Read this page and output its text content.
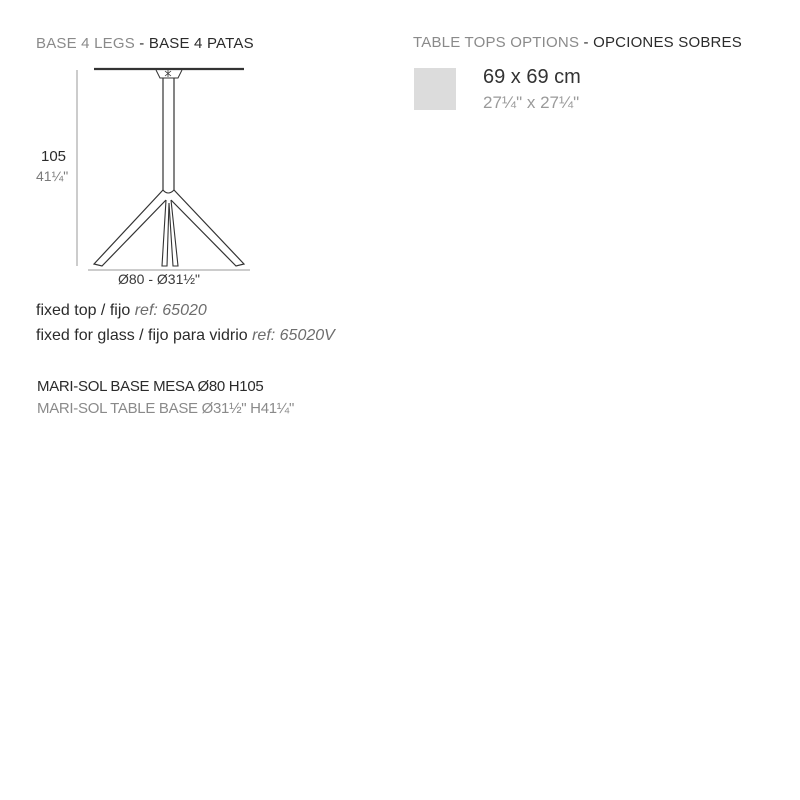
BASE 4 LEGS - BASE 4 PATAS
105
41¼"
Ø80 - Ø31½"
fixed top / fijo ref: 65020
fixed for glass / fijo para vidrio ref: 65020V
MARI-SOL BASE MESA Ø80 H105
MARI-SOL TABLE BASE Ø31½" H41¼"
TABLE TOPS OPTIONS - OPCIONES SOBRES
69 x 69 cm
27¼" x 27¼"
